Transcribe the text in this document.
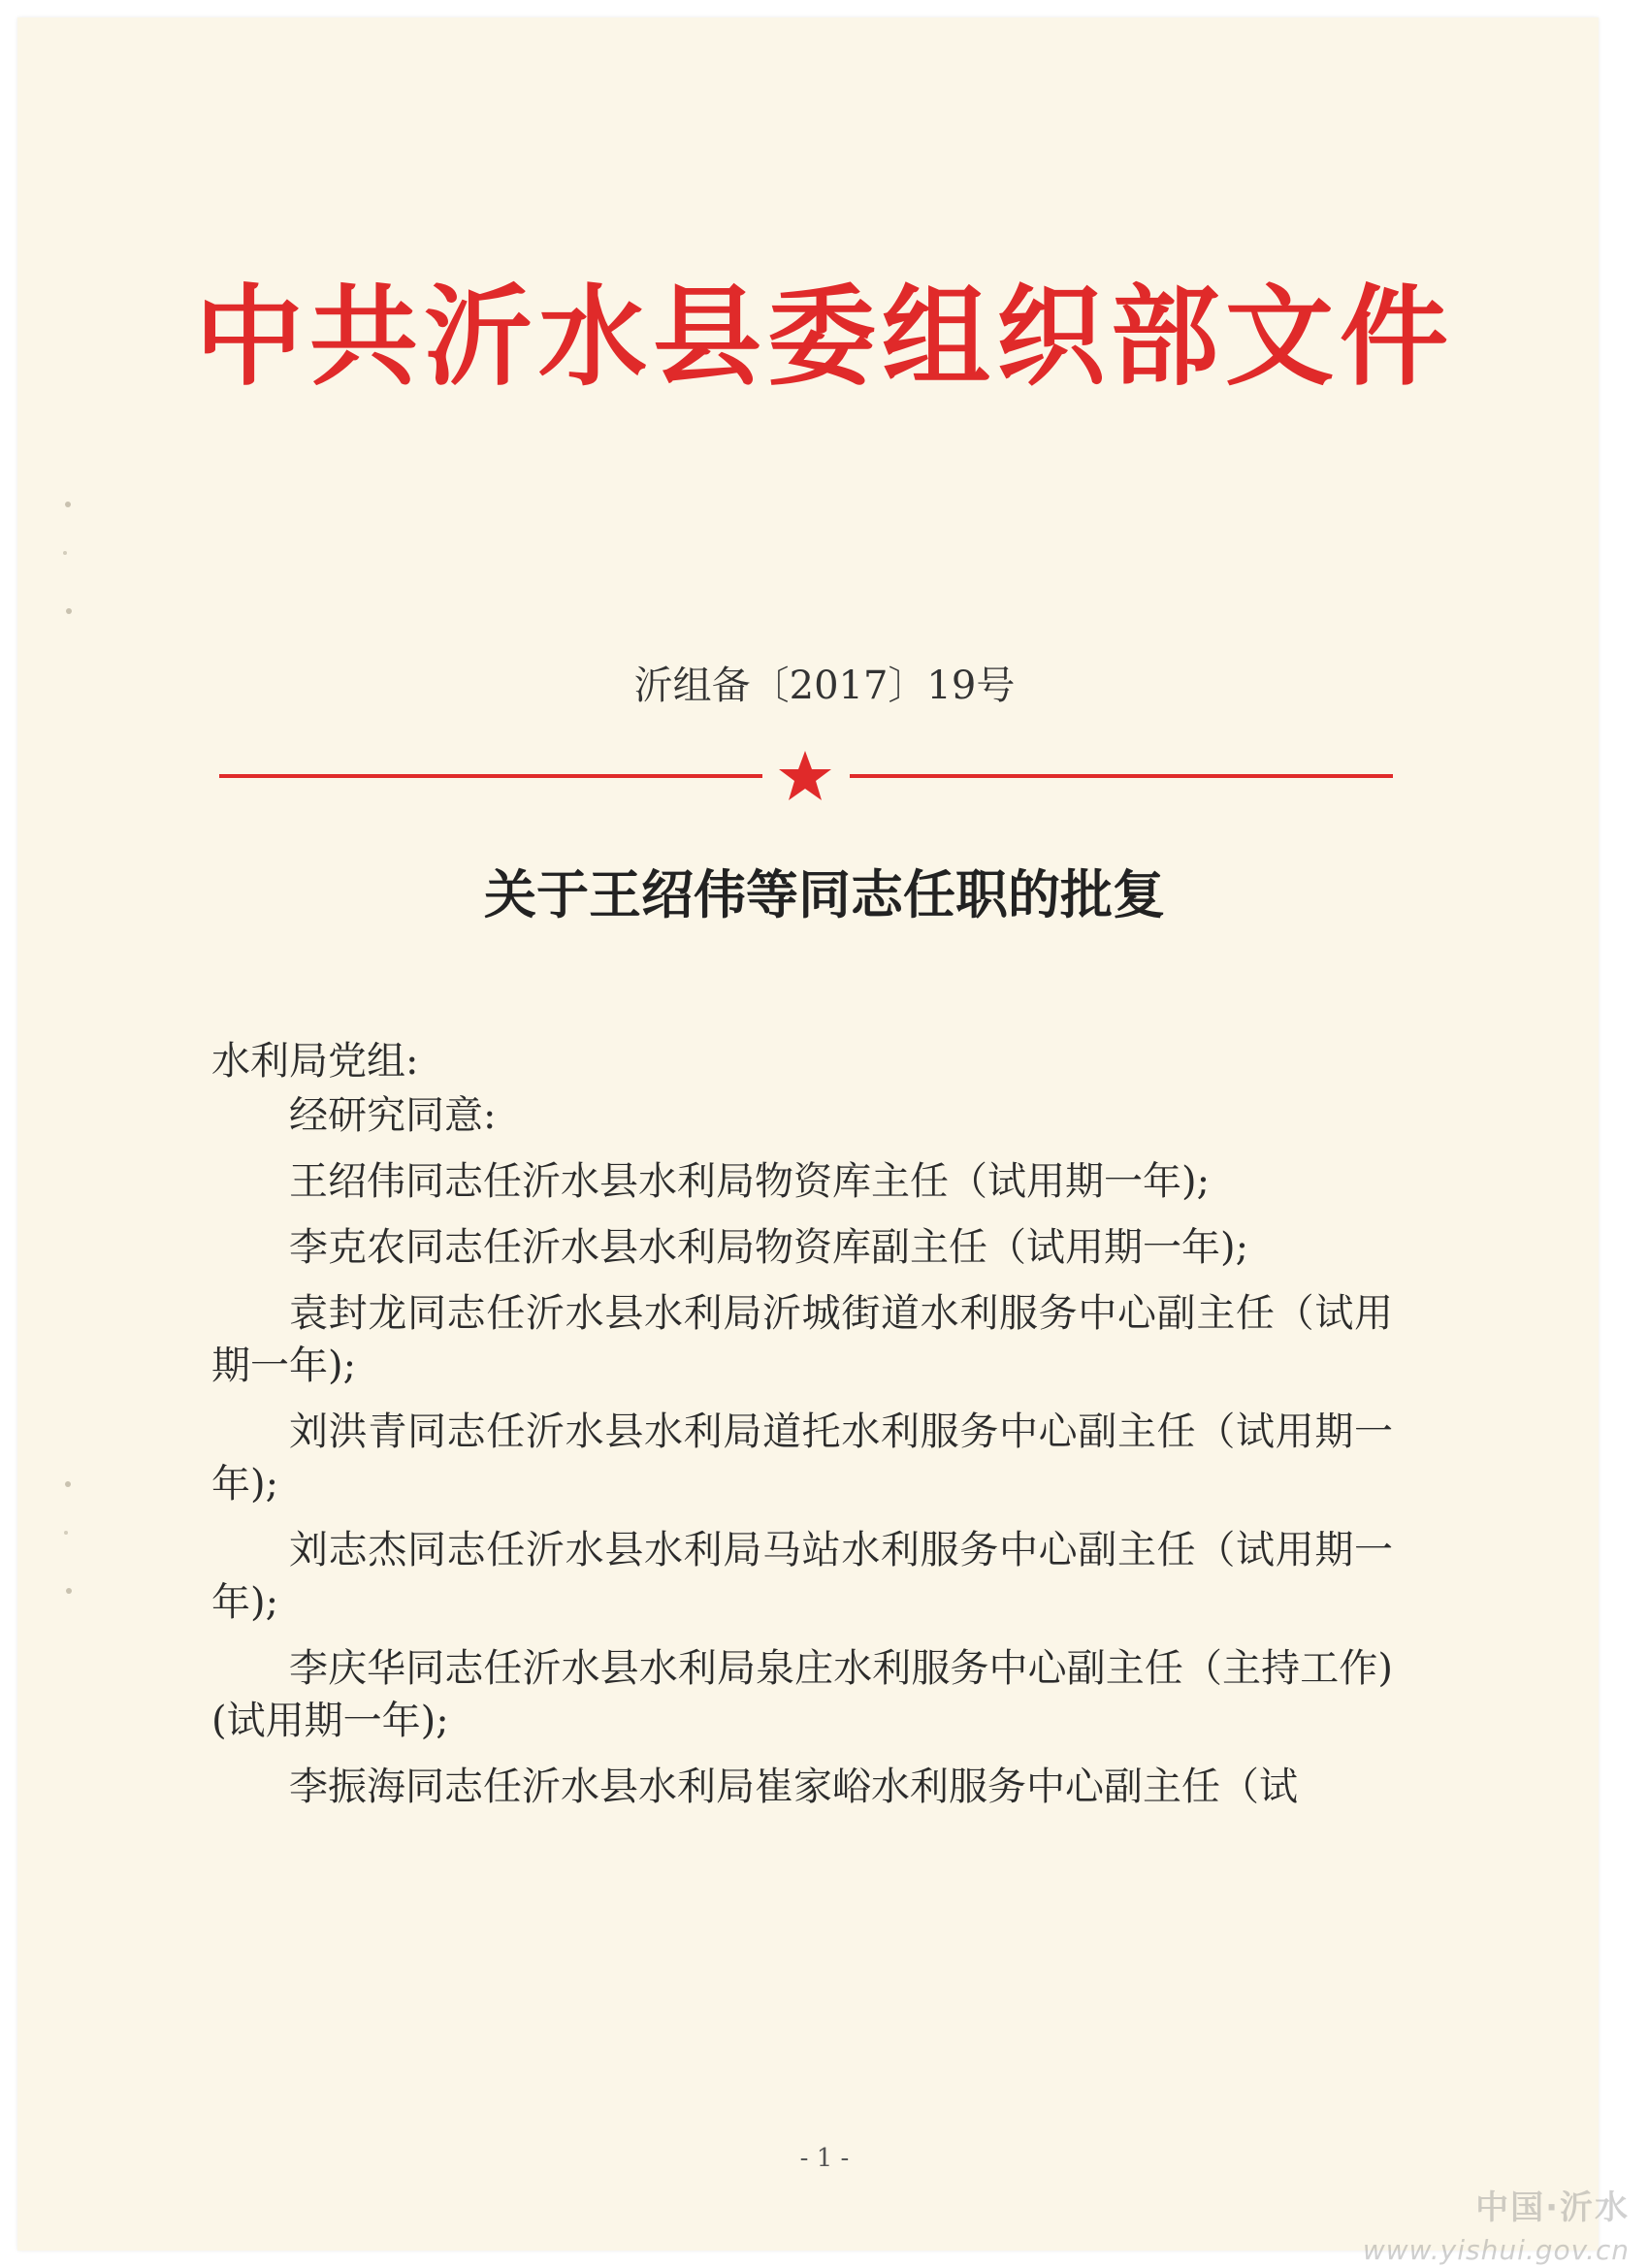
中共沂水县委组织部文件
沂组备〔2017〕19号
关于王绍伟等同志任职的批复
水利局党组:

经研究同意:

王绍伟同志任沂水县水利局物资库主任（试用期一年);

李克农同志任沂水县水利局物资库副主任（试用期一年);

袁封龙同志任沂水县水利局沂城街道水利服务中心副主任（试用期一年);

刘洪青同志任沂水县水利局道托水利服务中心副主任（试用期一年);

刘志杰同志任沂水县水利局马站水利服务中心副主任（试用期一年);

李庆华同志任沂水县水利局泉庄水利服务中心副主任（主持工作)(试用期一年);

李振海同志任沂水县水利局崔家峪水利服务中心副主任（试

- 1 -
中国·沂水
www.yishui.gov.cn
